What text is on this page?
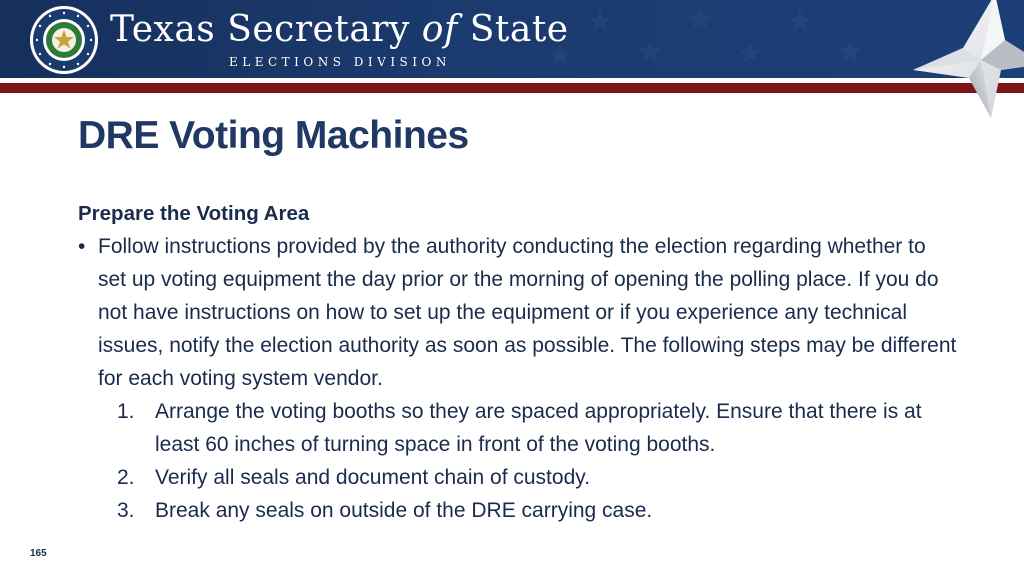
Texas Secretary of State
ELECTIONS DIVISION
DRE Voting Machines
Prepare the Voting Area
• Follow instructions provided by the authority conducting the election regarding whether to set up voting equipment the day prior or the morning of opening the polling place. If you do not have instructions on how to set up the equipment or if you experience any technical issues, notify the election authority as soon as possible. The following steps may be different for each voting system vendor.
1. Arrange the voting booths so they are spaced appropriately. Ensure that there is at least 60 inches of turning space in front of the voting booths.
2. Verify all seals and document chain of custody.
3. Break any seals on outside of the DRE carrying case.
165
